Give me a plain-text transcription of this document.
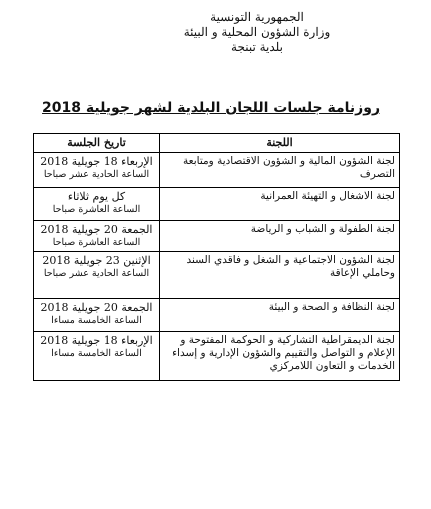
الجمهورية التونسية
وزارة الشؤون المحلية و البيئة
بلدية تبنجة
روزنامة جلسات اللجان البلدية لشهر جويلية 2018
اللجنة	تاريخ الجلسة
لجنة الشؤون المالية و الشؤون الاقتصادية ومتابعة التصرف	الإربعاء 18 جويلية 2018
الساعة الحادية عشر صباحا

لجنة الاشغال و التهيئة العمرانية	كل يوم ثلاثاء
الساعة العاشرة صباحا

لجنة الطفولة و الشباب و الرياضة	الجمعة 20 جويلية 2018
الساعة العاشرة صباحا

لجنة الشؤون الاجتماعية و الشغل و فاقدي السند وحاملي الإعاقة	الإثنين 23 جويلية 2018
الساعة الحادية عشر صباحا

لجنة النظافة و الصحة و البيئة	الجمعة 20 جويلية 2018
الساعة الخامسة مساءا

لجنة الديمقراطية التشاركية و الحوكمة المفتوحة و الإعلام و التواصل والتقييم والشؤون الإدارية و إسداء الخدمات و التعاون اللامركزي	الإربعاء 18 جويلية 2018
الساعة الخامسة مساءا
